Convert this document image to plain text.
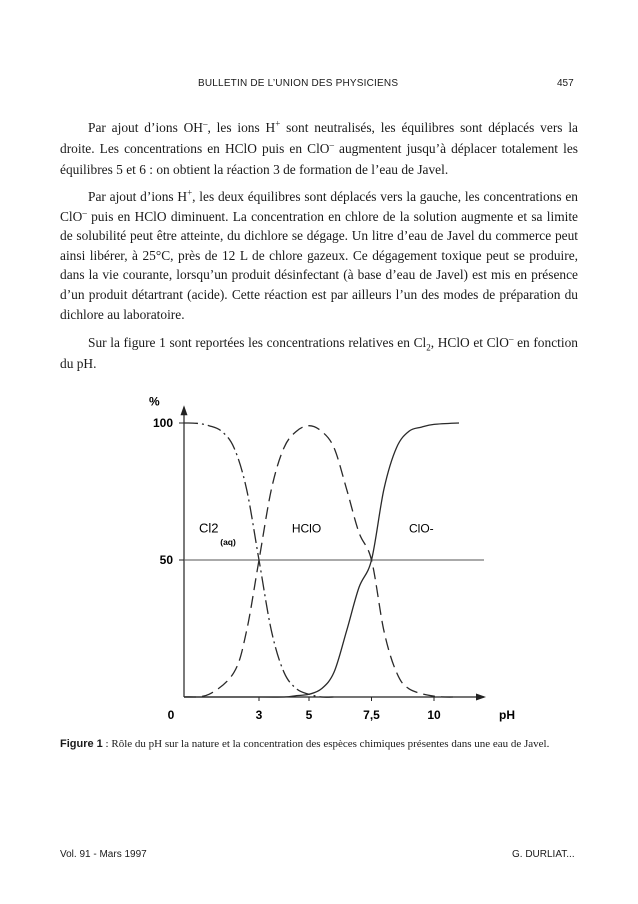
BULLETIN DE L’UNION DES PHYSICIENS	457
Par ajout d’ions OH–, les ions H+ sont neutralisés, les équilibres sont déplacés vers la droite. Les concentrations en HClO puis en ClO– augmentent jusqu’à déplacer totalement les équilibres 5 et 6 : on obtient la réaction 3 de formation de l’eau de Javel.
Par ajout d’ions H+, les deux équilibres sont déplacés vers la gauche, les concentrations en ClO– puis en HClO diminuent. La concentration en chlore de la solution augmente et sa limite de solubilité peut être atteinte, du dichlore se dégage. Un litre d’eau de Javel du commerce peut ainsi libérer, à 25°C, près de 12 L de chlore gazeux. Ce dégagement toxique peut se produire, dans la vie courante, lorsqu’un produit désinfectant (à base d’eau de Javel) est mis en présence d’un produit détartrant (acide). Cette réaction est par ailleurs l’un des modes de préparation du dichlore au laboratoire.
Sur la figure 1 sont reportées les concentrations relatives en $Cl_2$, HClO et ClO– en fonction du pH.
%
pH
50
100
0	3	5	7,5	10
Cl2
(aq)
HClO	ClO-
Figure 1 : Rôle du pH sur la nature et la concentration des espèces chimiques présentes dans une eau de Javel.
Vol. 91 - Mars 1997	G. DURLIAT...
